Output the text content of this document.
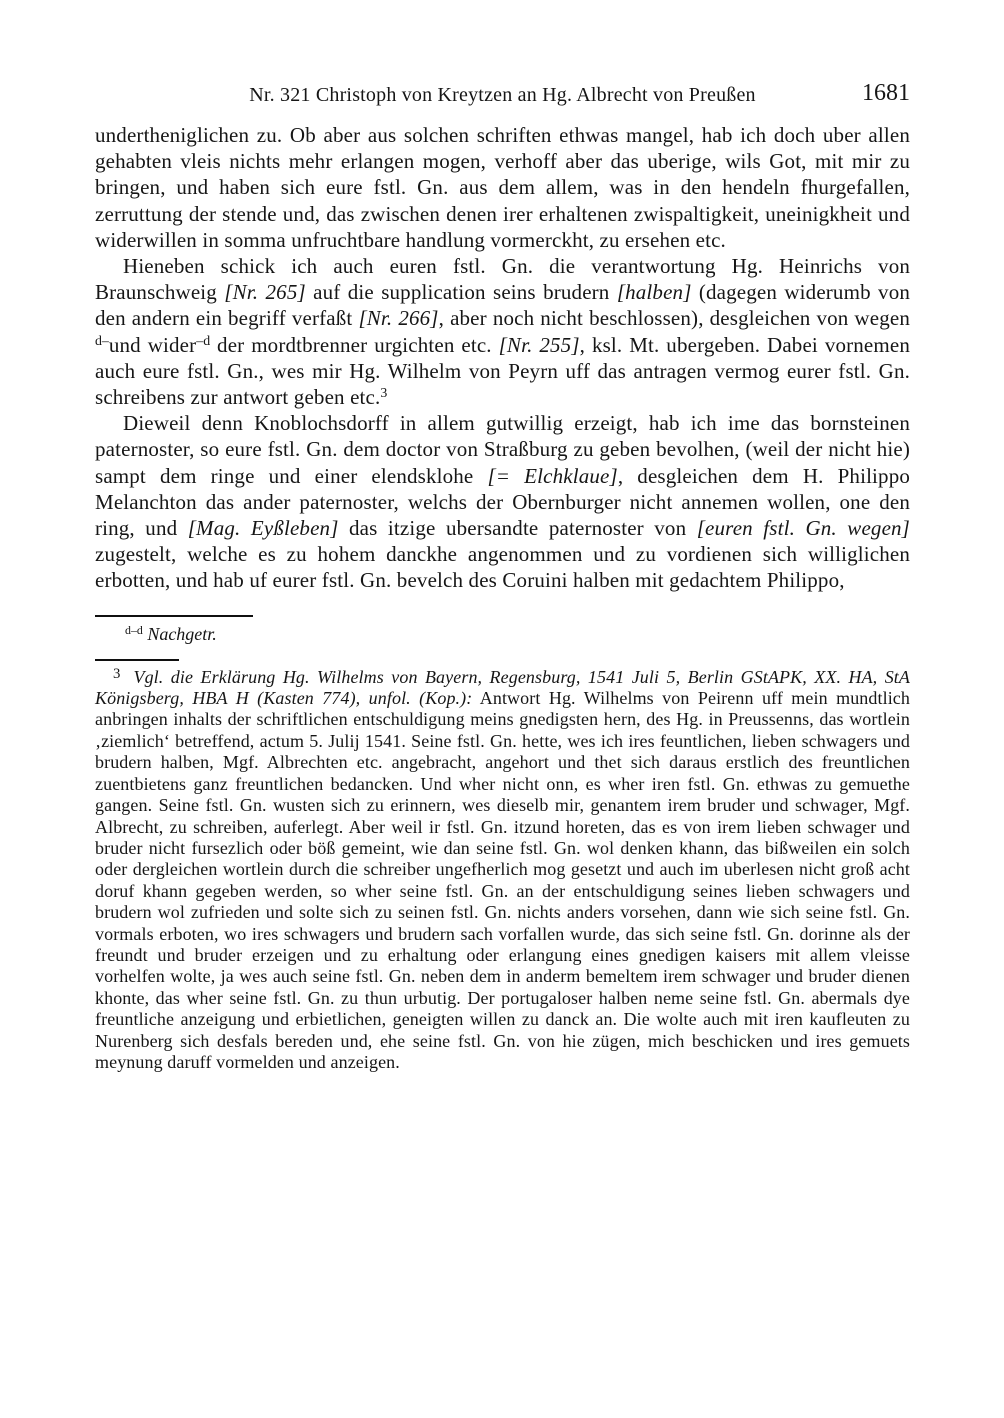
Nr. 321 Christoph von Kreytzen an Hg. Albrecht von Preußen	1681

undertheniglichen zu. Ob aber aus solchen schriften ethwas mangel, hab ich doch uber allen gehabten vleis nichts mehr erlangen mogen, verhoff aber das uberige, wils Got, mit mir zu bringen, und haben sich eure fstl. Gn. aus dem allem, was in den hendeln fhurgefallen, zerruttung der stende und, das zwischen denen irer erhaltenen zwispaltigkeit, uneinigkheit und widerwillen in somma unfruchtbare handlung vormerckht, zu ersehen etc.

Hieneben schick ich auch euren fstl. Gn. die verantwortung Hg. Heinrichs von Braunschweig [Nr. 265] auf die supplication seins brudern [halben] (dagegen widerumb von den andern ein begriff verfaßt [Nr. 266], aber noch nicht beschlossen), desgleichen von wegen $^{d-}$und wider$^{-d}$ der mordtbrenner urgichten etc. [Nr. 255], ksl. Mt. ubergeben. Dabei vornemen auch eure fstl. Gn., wes mir Hg. Wilhelm von Peyrn uff das antragen vermog eurer fstl. Gn. schreibens zur antwort geben etc.$^3$

Dieweil denn Knoblochsdorff in allem gutwillig erzeigt, hab ich ime das bornsteinen paternoster, so eure fstl. Gn. dem doctor von Straßburg zu geben bevolhen, (weil der nicht hie) sampt dem ringe und einer elendsklohe [= Elchklaue], desgleichen dem H. Philippo Melanchton das ander paternoster, welchs der Obernburger nicht annemen wollen, one den ring, und [Mag. Eyßleben] das itzige ubersandte paternoster von [euren fstl. Gn. wegen] zugestelt, welche es zu hohem danckhe angenommen und zu vordienen sich williglichen erbotten, und hab uf eurer fstl. Gn. bevelch des Coruini halben mit gedachtem Philippo,

$^{d-d}$ Nachgetr.

$^3$ Vgl. die Erklärung Hg. Wilhelms von Bayern, Regensburg, 1541 Juli 5, Berlin GStAPK, XX. HA, StA Königsberg, HBA H (Kasten 774), unfol. (Kop.): Antwort Hg. Wilhelms von Peirenn uff mein mundtlich anbringen inhalts der schriftlichen entschuldigung meins gnedigsten hern, des Hg. in Preussenns, das wortlein ‚ziemlich‘ betreffend, actum 5. Julij 1541. Seine fstl. Gn. hette, wes ich ires feuntlichen, lieben schwagers und brudern halben, Mgf. Albrechten etc. angebracht, angehort und thet sich daraus erstlich des freuntlichen zuentbietens ganz freuntlichen bedancken. Und wher nicht onn, es wher iren fstl. Gn. ethwas zu gemuethe gangen. Seine fstl. Gn. wusten sich zu erinnern, wes dieselb mir, genantem irem bruder und schwager, Mgf. Albrecht, zu schreiben, auferlegt. Aber weil ir fstl. Gn. itzund horeten, das es von irem lieben schwager und bruder nicht fursezlich oder böß gemeint, wie dan seine fstl. Gn. wol denken khann, das bißweilen ein solch oder dergleichen wortlein durch die schreiber ungefherlich mog gesetzt und auch im uberlesen nicht groß acht doruf khann gegeben werden, so wher seine fstl. Gn. an der entschuldigung seines lieben schwagers und brudern wol zufrieden und solte sich zu seinen fstl. Gn. nichts anders vorsehen, dann wie sich seine fstl. Gn. vormals erboten, wo ires schwagers und brudern sach vorfallen wurde, das sich seine fstl. Gn. dorinne als der freundt und bruder erzeigen und zu erhaltung oder erlangung eines gnedigen kaisers mit allem vleisse vorhelfen wolte, ja wes auch seine fstl. Gn. neben dem in anderm bemeltem irem schwager und bruder dienen khonte, das wher seine fstl. Gn. zu thun urbutig. Der portugaloser halben neme seine fstl. Gn. abermals dye freuntliche anzeigung und erbietlichen, geneigten willen zu danck an. Die wolte auch mit iren kaufleuten zu Nurenberg sich desfals bereden und, ehe seine fstl. Gn. von hie zügen, mich beschicken und ires gemuets meynung daruff vormelden und anzeigen.
